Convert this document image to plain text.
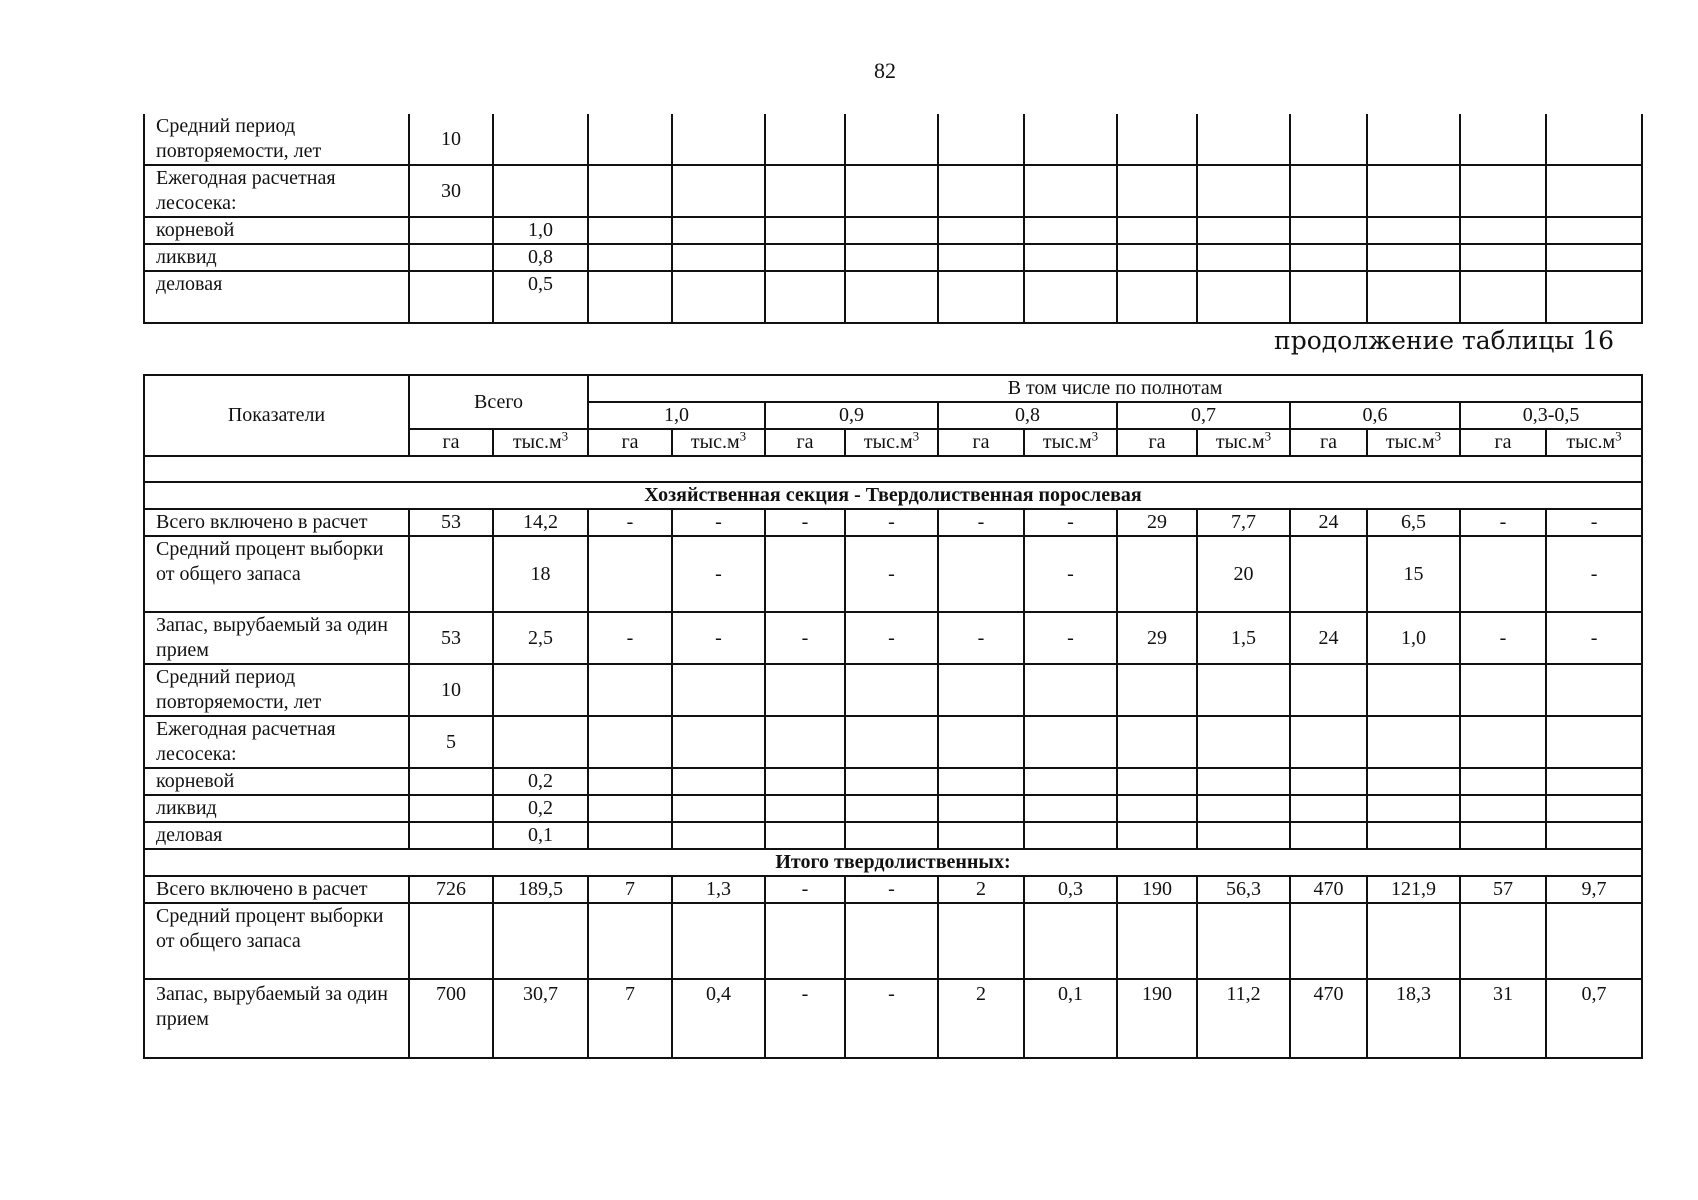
82
Средний период повторяемости, лет	10													
Ежегодная расчетная лесосека:	30													
корневой		1,0												
ликвид		0,8												
деловая		0,5												
продолжение таблицы 16
Показатели	Всего		В том числе по полнотам											
			1,0		0,9		0,8		0,7		0,6		0,3-0,5	
	га	$тыс.м^3$	га	$тыс.м^3$	га	$тыс.м^3$	га	$тыс.м^3$	га	$тыс.м^3$	га	$тыс.м^3$	га	$тыс.м^3$

Хозяйственная секция - Твердолиственная порослевая														
Всего включено в расчет	53	14,2	-	-	-	-	-	-	29	7,7	24	6,5	-	-
Средний процент выборки от общего запаса		18		-		-		-		20		15		-
Запас, вырубаемый за один прием	53	2,5	-	-	-	-	-	-	29	1,5	24	1,0	-	-
Средний период повторяемости, лет	10													
Ежегодная расчетная лесосека:	5													
корневой		0,2												
ликвид		0,2												
деловая		0,1												
Итого твердолиственных:														
Всего включено в расчет	726	189,5	7	1,3	-	-	2	0,3	190	56,3	470	121,9	57	9,7
Средний процент выборки от общего запаса														
Запас, вырубаемый за один прием	700	30,7	7	0,4	-	-	2	0,1	190	11,2	470	18,3	31	0,7
